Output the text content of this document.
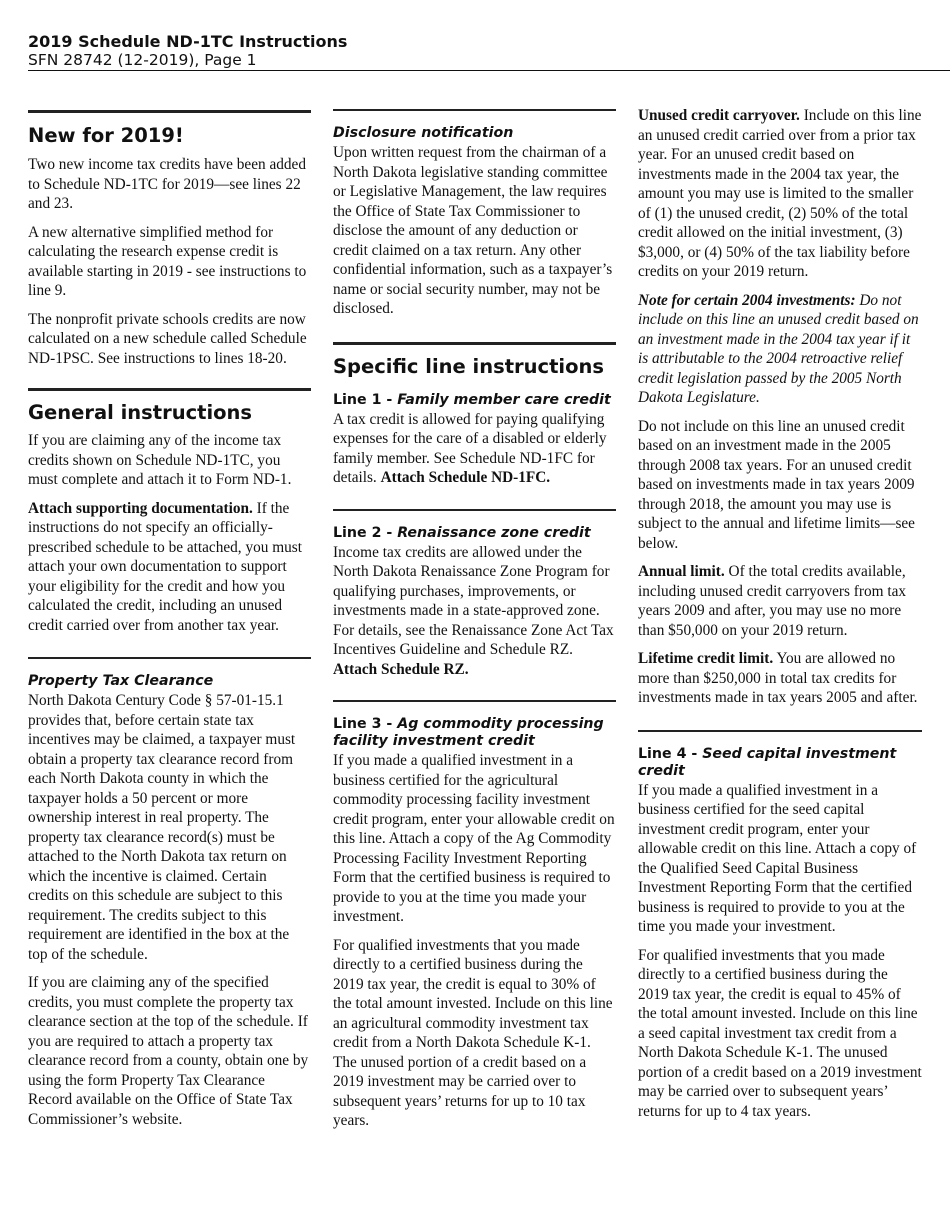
2019 Schedule ND-1TC Instructions
SFN 28742 (12-2019), Page 1
New for 2019!

Two new income tax credits have been added to Schedule ND-1TC for 2019—see lines 22 and 23.

A new alternative simplified method for calculating the research expense credit is available starting in 2019 - see instructions to line 9.

The nonprofit private schools credits are now calculated on a new schedule called Schedule ND-1PSC. See instructions to lines 18-20.

General instructions

If you are claiming any of the income tax credits shown on Schedule ND-1TC, you must complete and attach it to Form ND-1.

Attach supporting documentation. If the instructions do not specify an officially-prescribed schedule to be attached, you must attach your own documentation to support your eligibility for the credit and how you calculated the credit, including an unused credit carried over from another tax year.

Property Tax Clearance

North Dakota Century Code § 57-01-15.1 provides that, before certain state tax incentives may be claimed, a taxpayer must obtain a property tax clearance record from each North Dakota county in which the taxpayer holds a 50 percent or more ownership interest in real property. The property tax clearance record(s) must be attached to the North Dakota tax return on which the incentive is claimed. Certain credits on this schedule are subject to this requirement. The credits subject to this requirement are identified in the box at the top of the schedule.

If you are claiming any of the specified credits, you must complete the property tax clearance section at the top of the schedule. If you are required to attach a property tax clearance record from a county, obtain one by using the form Property Tax Clearance Record available on the Office of State Tax Commissioner’s website.

Disclosure notification

Upon written request from the chairman of a North Dakota legislative standing committee or Legislative Management, the law requires the Office of State Tax Commissioner to disclose the amount of any deduction or credit claimed on a tax return. Any other confidential information, such as a taxpayer’s name or social security number, may not be disclosed.

Specific line instructions
Line 1 - Family member care credit

A tax credit is allowed for paying qualifying expenses for the care of a disabled or elderly family member. See Schedule ND-1FC for details. Attach Schedule ND-1FC.

Line 2 - Renaissance zone credit

Income tax credits are allowed under the North Dakota Renaissance Zone Program for qualifying purchases, improvements, or investments made in a state-approved zone. For details, see the Renaissance Zone Act Tax Incentives Guideline and Schedule RZ. Attach Schedule RZ.

Line 3 - Ag commodity processing facility investment credit

If you made a qualified investment in a business certified for the agricultural commodity processing facility investment credit program, enter your allowable credit on this line. Attach a copy of the Ag Commodity Processing Facility Investment Reporting Form that the certified business is required to provide to you at the time you made your investment.

For qualified investments that you made directly to a certified business during the 2019 tax year, the credit is equal to 30% of the total amount invested. Include on this line an agricultural commodity investment tax credit from a North Dakota Schedule K-1. The unused portion of a credit based on a 2019 investment may be carried over to subsequent years’ returns for up to 10 tax years.

Unused credit carryover. Include on this line an unused credit carried over from a prior tax year. For an unused credit based on investments made in the 2004 tax year, the amount you may use is limited to the smaller of (1) the unused credit, (2) 50% of the total credit allowed on the initial investment, (3) $3,000, or (4) 50% of the tax liability before credits on your 2019 return.

Note for certain 2004 investments: Do not include on this line an unused credit based on an investment made in the 2004 tax year if it is attributable to the 2004 retroactive relief credit legislation passed by the 2005 North Dakota Legislature.

Do not include on this line an unused credit based on an investment made in the 2005 through 2008 tax years. For an unused credit based on investments made in tax years 2009 through 2018, the amount you may use is subject to the annual and lifetime limits—see below.

Annual limit. Of the total credits available, including unused credit carryovers from tax years 2009 and after, you may use no more than $50,000 on your 2019 return.

Lifetime credit limit. You are allowed no more than $250,000 in total tax credits for investments made in tax years 2005 and after.

Line 4 - Seed capital investment credit

If you made a qualified investment in a business certified for the seed capital investment credit program, enter your allowable credit on this line. Attach a copy of the Qualified Seed Capital Business Investment Reporting Form that the certified business is required to provide to you at the time you made your investment.

For qualified investments that you made directly to a certified business during the 2019 tax year, the credit is equal to 45% of the total amount invested. Include on this line a seed capital investment tax credit from a North Dakota Schedule K-1. The unused portion of a credit based on a 2019 investment may be carried over to subsequent years’ returns for up to 4 tax years.
